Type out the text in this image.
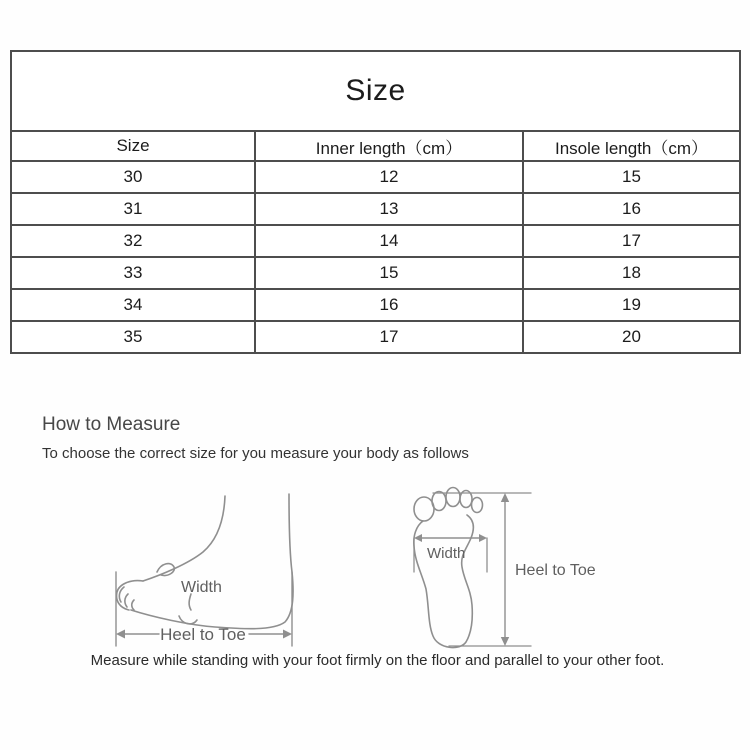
Size		
Size	Inner length（cm）	Insole length（cm）
30	12	15
31	13	16
32	14	17
33	15	18
34	16	19
35	17	20
How to Measure
To choose the correct size for you measure your body as follows
Width
Heel to Toe
Width
Heel to Toe
Measure while standing with your foot firmly on the floor and parallel to your other foot.
